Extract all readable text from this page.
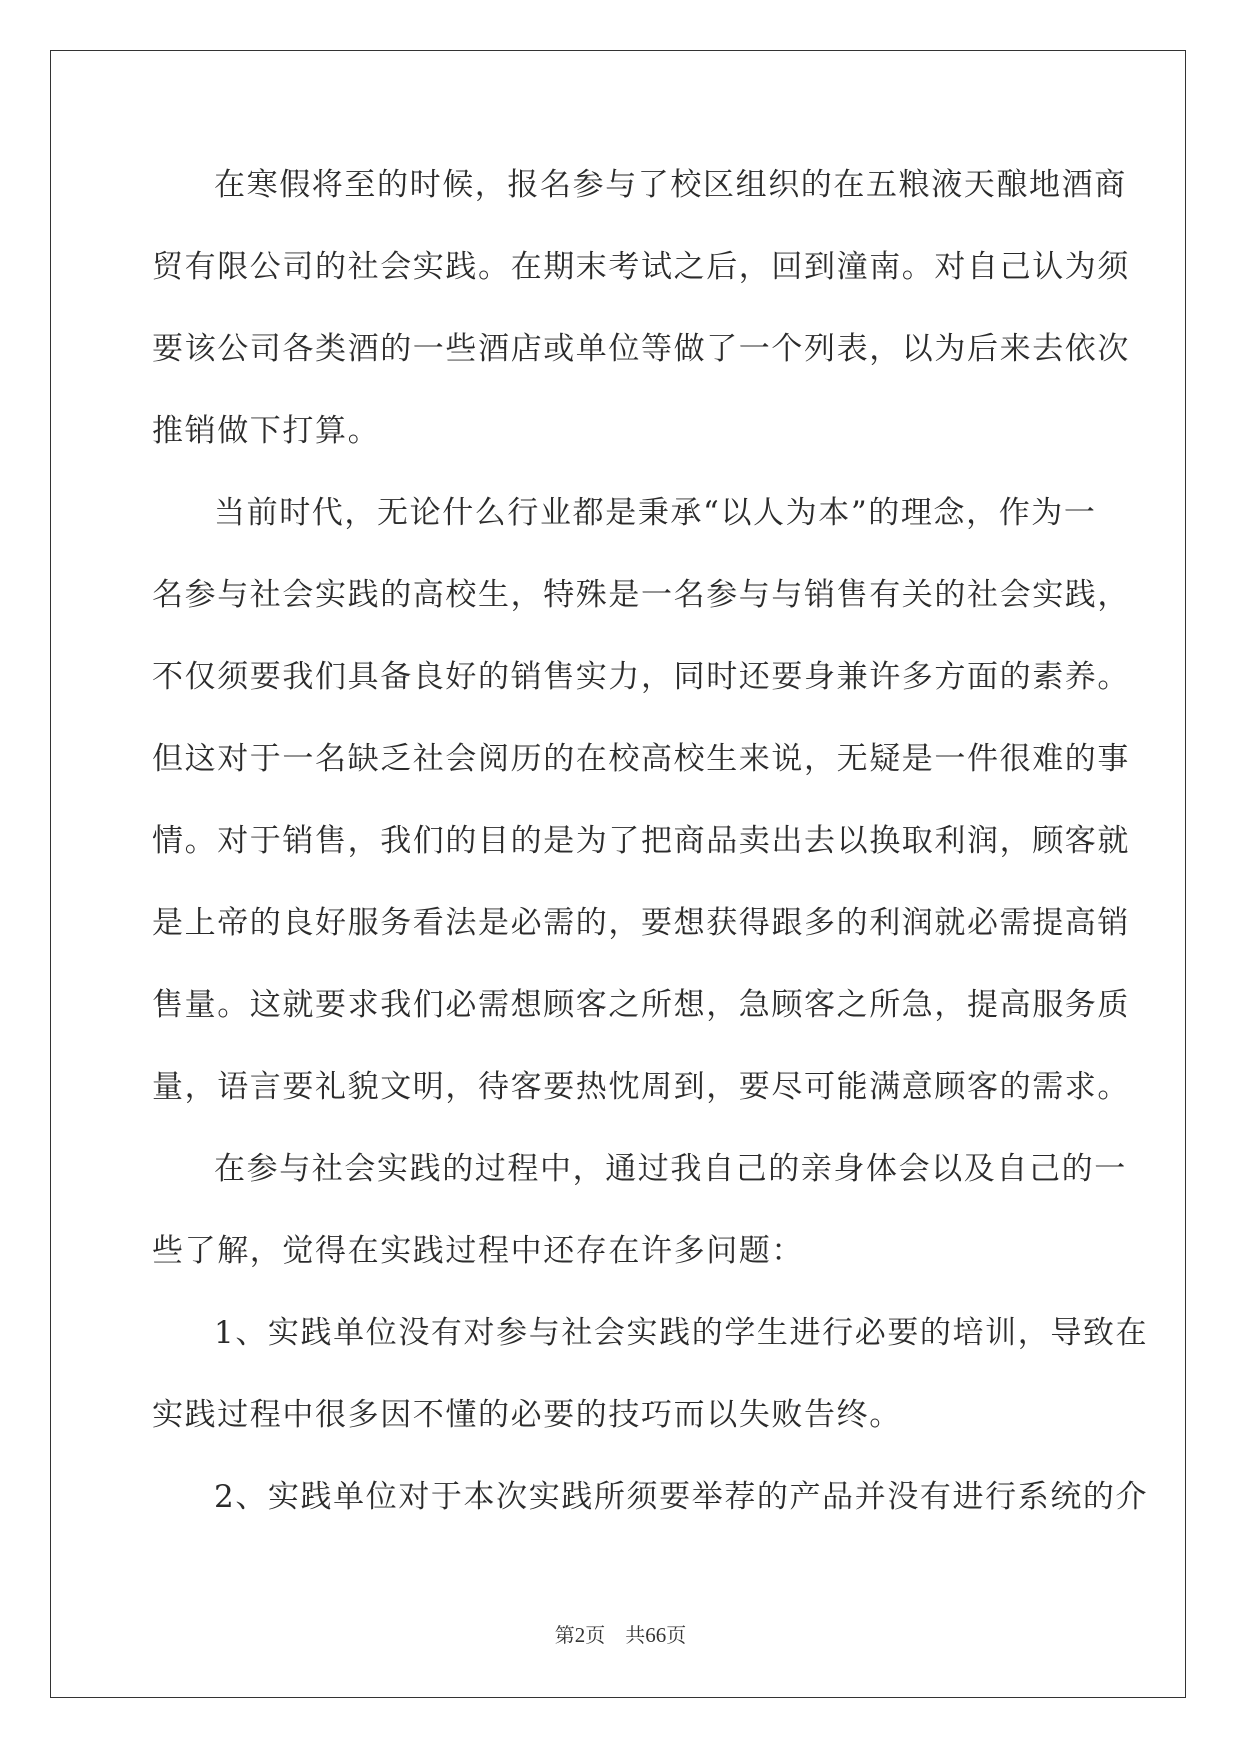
在寒假将至的时候，报名参与了校区组织的在五粮液天酿地酒商
贸有限公司的社会实践。在期末考试之后，回到潼南。对自己认为须
要该公司各类酒的一些酒店或单位等做了一个列表，以为后来去依次
推销做下打算。
当前时代，无论什么行业都是秉承“以人为本”的理念，作为一
名参与社会实践的高校生，特殊是一名参与与销售有关的社会实践，
不仅须要我们具备良好的销售实力，同时还要身兼许多方面的素养。
但这对于一名缺乏社会阅历的在校高校生来说，无疑是一件很难的事
情。对于销售，我们的目的是为了把商品卖出去以换取利润，顾客就
是上帝的良好服务看法是必需的，要想获得跟多的利润就必需提高销
售量。这就要求我们必需想顾客之所想，急顾客之所急，提高服务质
量，语言要礼貌文明，待客要热忱周到，要尽可能满意顾客的需求。
在参与社会实践的过程中，通过我自己的亲身体会以及自己的一
些了解，觉得在实践过程中还存在许多问题：
1、实践单位没有对参与社会实践的学生进行必要的培训，导致在
实践过程中很多因不懂的必要的技巧而以失败告终。
2、实践单位对于本次实践所须要举荐的产品并没有进行系统的介
第2页 共66页
